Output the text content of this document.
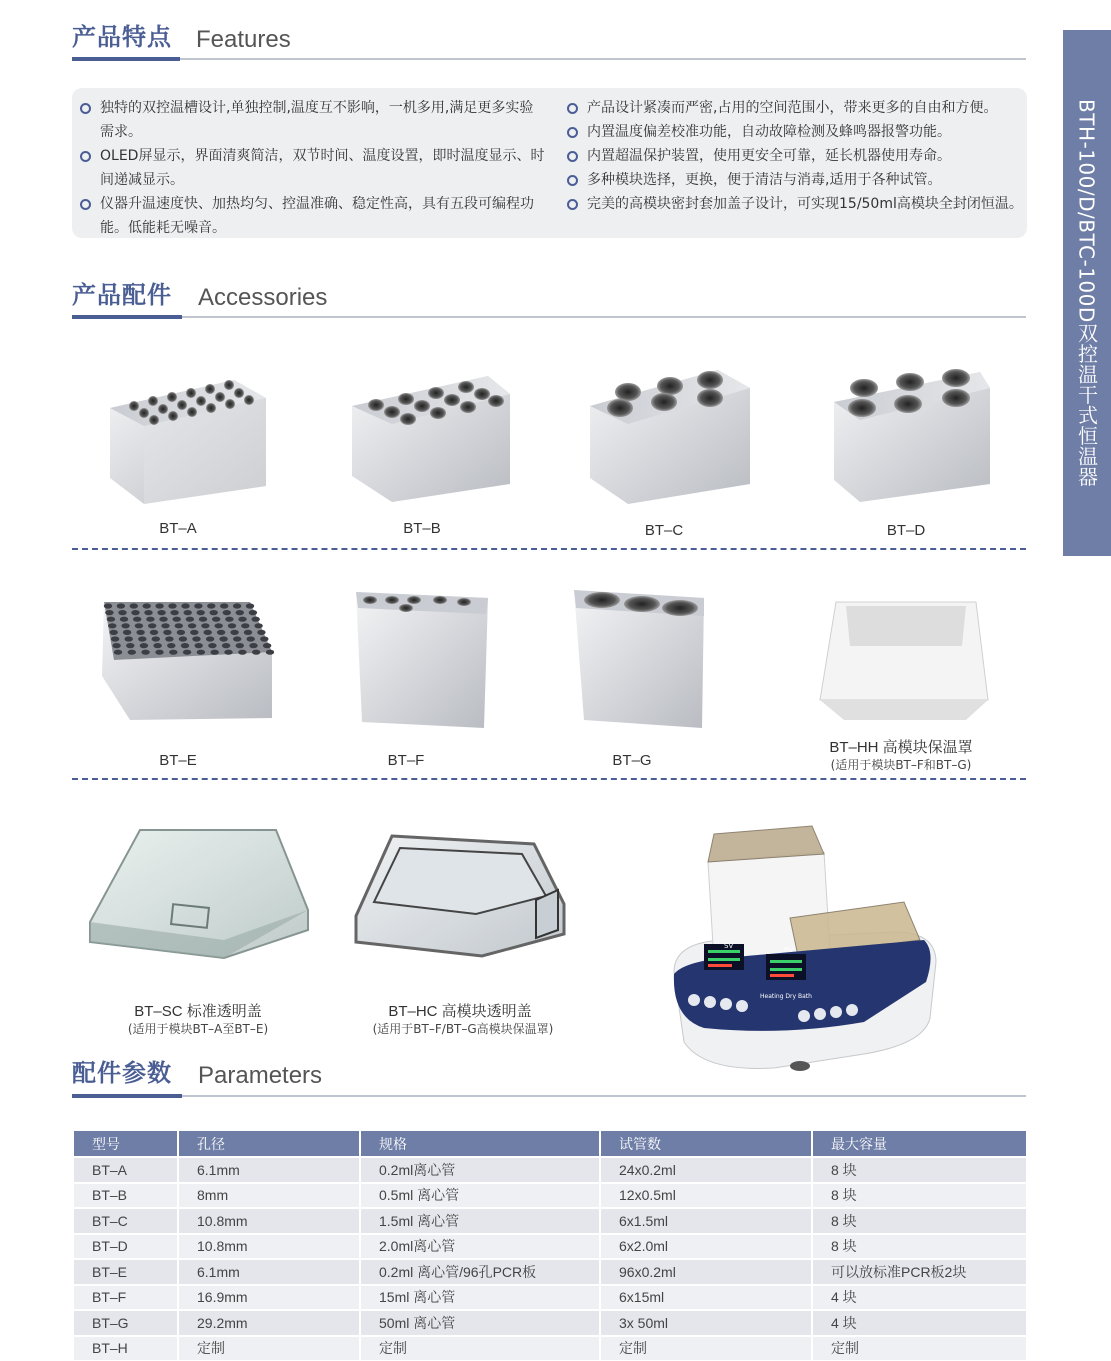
BTH-100/D/BTC-100D双控温干式恒温器
产品特点 Features
独特的双控温槽设计,单独控制,温度互不影响，一机多用,满足更多实验需求。
OLED屏显示，界面清爽简洁，双节时间、温度设置，即时温度显示、时间递减显示。
仪器升温速度快、加热均匀、控温准确、稳定性高，具有五段可编程功能。低能耗无噪音。
产品设计紧凑而严密,占用的空间范围小，带来更多的自由和方便。
内置温度偏差校准功能，自动故障检测及蜂鸣器报警功能。
内置超温保护装置，使用更安全可靠，延长机器使用寿命。
多种模块选择，更换，便于清洁与消毒,适用于各种试管。
完美的高模块密封套加盖子设计，可实现15/50ml高模块全封闭恒温。
产品配件 Accessories
BT–A	BT–B	BT–C	BT–D
BT–E	BT–F	BT–G
BT–HH 高模块保温罩
(适用于模块BT–F和BT–G)
BT–SC 标准透明盖
(适用于模块BT–A至BT–E)
BT–HC 高模块透明盖
(适用于BT–F/BT–G高模块保温罩)
SV	PV
Heating Dry Bath
配件参数 Parameters
型号	孔径	规格	试管数	最大容量
BT–A	6.1mm	0.2ml离心管	24x0.2ml	8 块
BT–B	8mm	0.5ml 离心管	12x0.5ml	8 块
BT–C	10.8mm	1.5ml 离心管	6x1.5ml	8 块
BT–D	10.8mm	2.0ml离心管	6x2.0ml	8 块
BT–E	6.1mm	0.2ml 离心管/96孔PCR板	96x0.2ml	可以放标准PCR板2块
BT–F	16.9mm	15ml 离心管	6x15ml	4 块
BT–G	29.2mm	50ml 离心管	3x 50ml	4 块
BT–H	定制	定制	定制	定制
